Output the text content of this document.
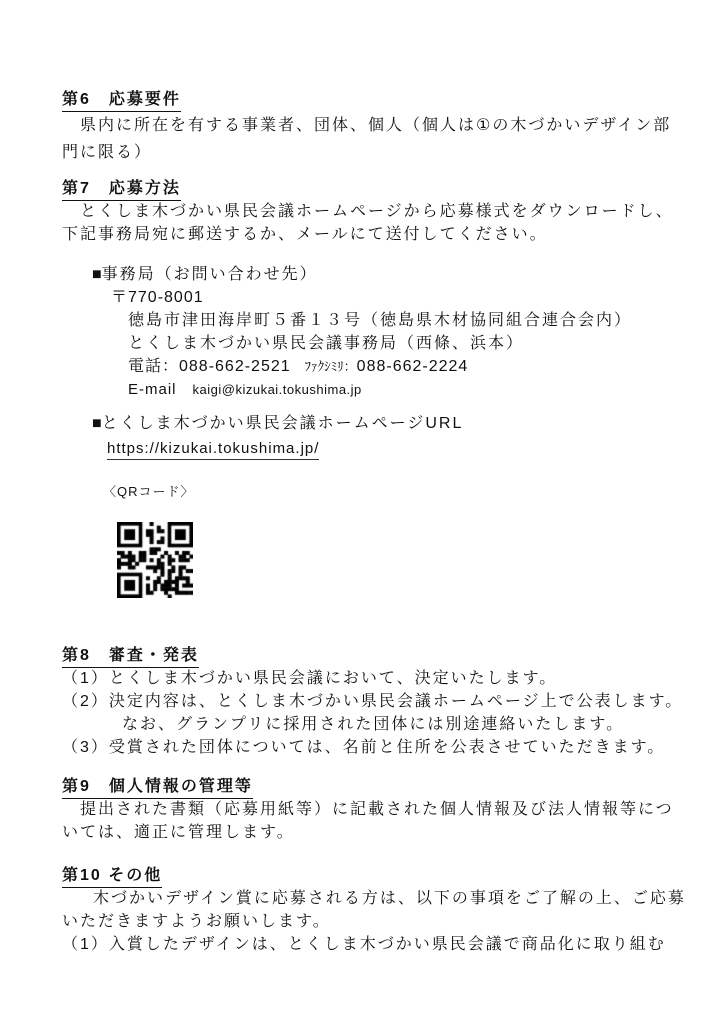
第6　応募要件
県内に所在を有する事業者、団体、個人（個人は①の木づかいデザイン部
門に限る）
第7　応募方法
とくしま木づかい県民会議ホームページから応募様式をダウンロードし、
下記事務局宛に郵送するか、メールにて送付してください。
■事務局（お問い合わせ先）
〒770-8001
徳島市津田海岸町５番１３号（徳島県木材協同組合連合会内）
とくしま木づかい県民会議事務局（西條、浜本）
電話：088-662-2521 ﾌｧｸｼﾐﾘ：088-662-2224
E-mail kaigi@kizukai.tokushima.jp
■とくしま木づかい県民会議ホームページURL
https://kizukai.tokushima.jp/
〈QRコード〉
第8　審査・発表
（1）とくしま木づかい県民会議において、決定いたします。
（2）決定内容は、とくしま木づかい県民会議ホームページ上で公表します。
なお、グランプリに採用された団体には別途連絡いたします。
（3）受賞された団体については、名前と住所を公表させていただきます。
第9　個人情報の管理等
提出された書類（応募用紙等）に記載された個人情報及び法人情報等につ
いては、適正に管理します。
第10 その他
木づかいデザイン賞に応募される方は、以下の事項をご了解の上、ご応募
いただきますようお願いします。
（1）入賞したデザインは、とくしま木づかい県民会議で商品化に取り組む
